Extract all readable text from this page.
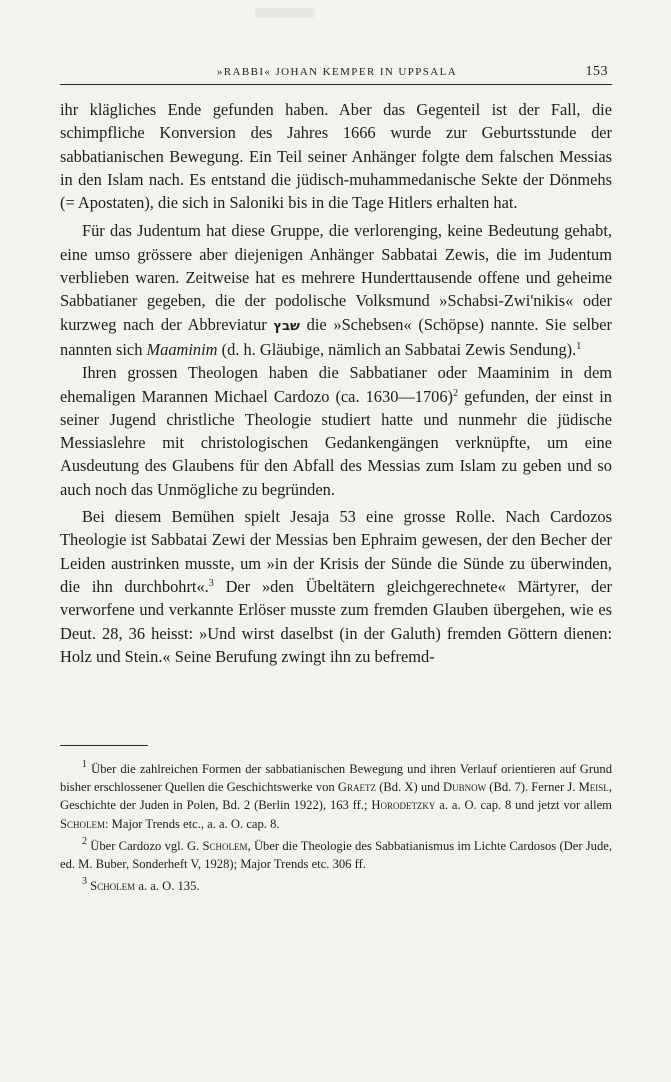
»RABBI« JOHAN KEMPER IN UPPSALA	153

ihr klägliches Ende gefunden haben. Aber das Gegenteil ist der Fall, die schimpfliche Konversion des Jahres 1666 wurde zur Geburtsstunde der sabbatianischen Bewegung. Ein Teil seiner Anhänger folgte dem falschen Messias in den Islam nach. Es entstand die jüdisch-muhammedanische Sekte der Dönmehs (= Apostaten), die sich in Saloniki bis in die Tage Hitlers erhalten hat.

Für das Judentum hat diese Gruppe, die verlorenging, keine Bedeutung gehabt, eine umso grössere aber diejenigen Anhänger Sabbatai Zewis, die im Judentum verblieben waren. Zeitweise hat es mehrere Hunderttausende offene und geheime Sabbatianer gegeben, die der podolische Volksmund »Schabsi-Zwi'nikis« oder kurzweg nach der Abbreviatur שבץ die »Schebsen« (Schöpse) nannte. Sie selber nannten sich Maaminim (d. h. Gläubige, nämlich an Sabbatai Zewis Sendung).$^1$

Ihren grossen Theologen haben die Sabbatianer oder Maaminim in dem ehemaligen Marannen Michael Cardozo (ca. 1630—1706)$^2$ gefunden, der einst in seiner Jugend christliche Theologie studiert hatte und nunmehr die jüdische Messiaslehre mit christologischen Gedankengängen verknüpfte, um eine Ausdeutung des Glaubens für den Abfall des Messias zum Islam zu geben und so auch noch das Unmögliche zu begründen.

Bei diesem Bemühen spielt Jesaja 53 eine grosse Rolle. Nach Cardozos Theologie ist Sabbatai Zewi der Messias ben Ephraim gewesen, der den Becher der Leiden austrinken musste, um »in der Krisis der Sünde die Sünde zu überwinden, die ihn durchbohrt«.$^3$ Der »den Übeltätern gleichgerechnete« Märtyrer, der verworfene und verkannte Erlöser musste zum fremden Glauben übergehen, wie es Deut. 28, 36 heisst: »Und wirst daselbst (in der Galuth) fremden Göttern dienen: Holz und Stein.« Seine Berufung zwingt ihn zu befremd-

$^1$ Über die zahlreichen Formen der sabbatianischen Bewegung und ihren Verlauf orientieren auf Grund bisher erschlossener Quellen die Geschichtswerke von Graetz (Bd. X) und Dubnow (Bd. 7). Ferner J. Meisl, Geschichte der Juden in Polen, Bd. 2 (Berlin 1922), 163 ff.; Horodetzky a. a. O. cap. 8 und jetzt vor allem Scholem: Major Trends etc., a. a. O. cap. 8.

$^2$ Über Cardozo vgl. G. Scholem, Über die Theologie des Sabbatianismus im Lichte Cardosos (Der Jude, ed. M. Buber, Sonderheft V, 1928); Major Trends etc. 306 ff.

$^3$ Scholem a. a. O. 135.
